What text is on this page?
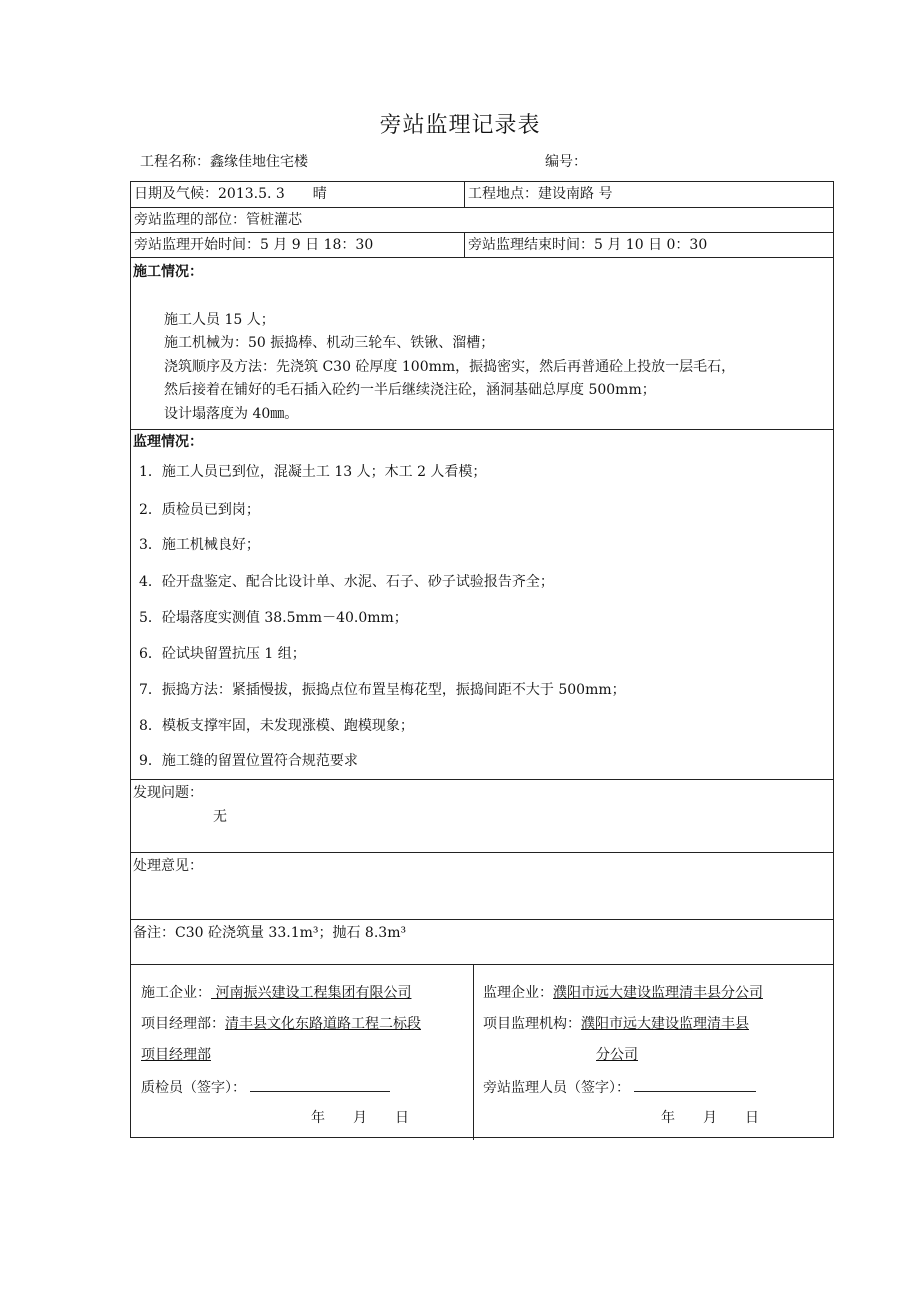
旁站监理记录表
工程名称：鑫缘佳地住宅楼	编号：
日期及气候：2013.5. 3　　晴	工程地点：建设南路 号
旁站监理的部位：管桩灌芯
旁站监理开始时间：5 月 9 日 18：30	旁站监理结束时间：5 月 10 日 0：30
施工情况：
施工人员 15 人；
施工机械为：50 振捣棒、机动三轮车、铁锹、溜槽；
浇筑顺序及方法：先浇筑 C30 砼厚度 100mm，振捣密实，然后再普通砼上投放一层毛石，
然后接着在铺好的毛石插入砼约一半后继续浇注砼，涵洞基础总厚度 500mm；
设计塌落度为 40㎜。
监理情况：
1．施工人员已到位，混凝土工 13 人；木工 2 人看模；
2．质检员已到岗；
3．施工机械良好；
4．砼开盘鉴定、配合比设计单、水泥、石子、砂子试验报告齐全；
5．砼塌落度实测值 38.5mm－40.0mm；
6．砼试块留置抗压 1 组；
7．振捣方法：紧插慢拔，振捣点位布置呈梅花型，振捣间距不大于 500mm；
8．模板支撑牢固，未发现涨模、跑模现象；
9．施工缝的留置位置符合规范要求
发现问题：
无
处理意见：
备注：C30 砼浇筑量 33.1m³；抛石 8.3m³
施工企业： 河南振兴建设工程集团有限公司
项目经理部：清丰县文化东路道路工程二标段
项目经理部
质检员（签字）：
年　　月　　日
监理企业：濮阳市远大建设监理清丰县分公司
项目监理机构：濮阳市远大建设监理清丰县
分公司
旁站监理人员（签字）：
年　　月　　日
